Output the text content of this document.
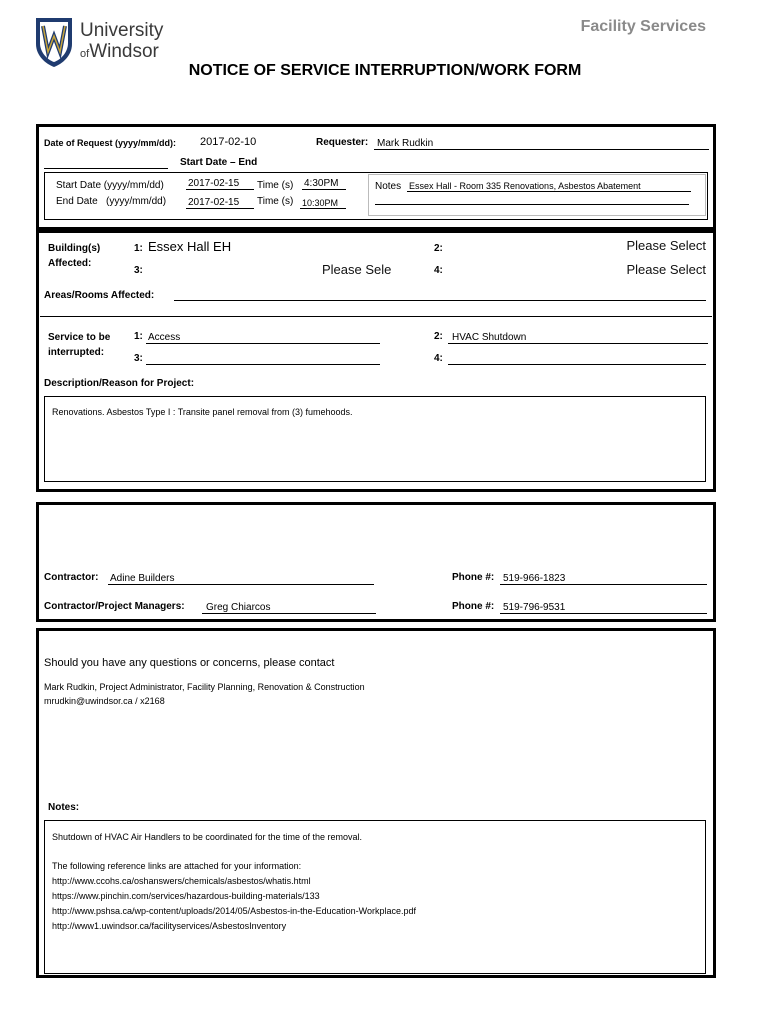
University
ofWindsor
Facility Services
NOTICE OF SERVICE INTERRUPTION/WORK FORM
Date of Request (yyyy/mm/dd): 2017-02-10	Requester: Mark Rudkin
Start Date – End
Start Date (yyyy/mm/dd) 2017-02-15	Time (s) 4:30PM
End Date   (yyyy/mm/dd) 2017-02-15	Time (s) 10:30PM
Notes Essex Hall - Room 335 Renovations, Asbestos Abatement
Building(s)
Affected:
1: Essex Hall EH	2:	Please Select
3:	Please Sele	4:	Please Select
Areas/Rooms Affected:
Service to be
interrupted:
1: Access	2: HVAC Shutdown
3:	4:
Description/Reason for Project:
Renovations. Asbestos Type I : Transite panel removal from (3) fumehoods.
Contractor: Adine Builders	Phone #: 519-966-1823
Contractor/Project Managers:	Greg Chiarcos	Phone #: 519-796-9531
Should you have any questions or concerns, please contact
Mark Rudkin, Project Administrator, Facility Planning, Renovation & Construction
mrudkin@uwindsor.ca / x2168
Notes:
Shutdown of HVAC Air Handlers to be coordinated for the time of the removal.
The following reference links are attached for your information:
http://www.ccohs.ca/oshanswers/chemicals/asbestos/whatis.html
https://www.pinchin.com/services/hazardous-building-materials/133
http://www.pshsa.ca/wp-content/uploads/2014/05/Asbestos-in-the-Education-Workplace.pdf
http://www1.uwindsor.ca/facilityservices/AsbestosInventory
